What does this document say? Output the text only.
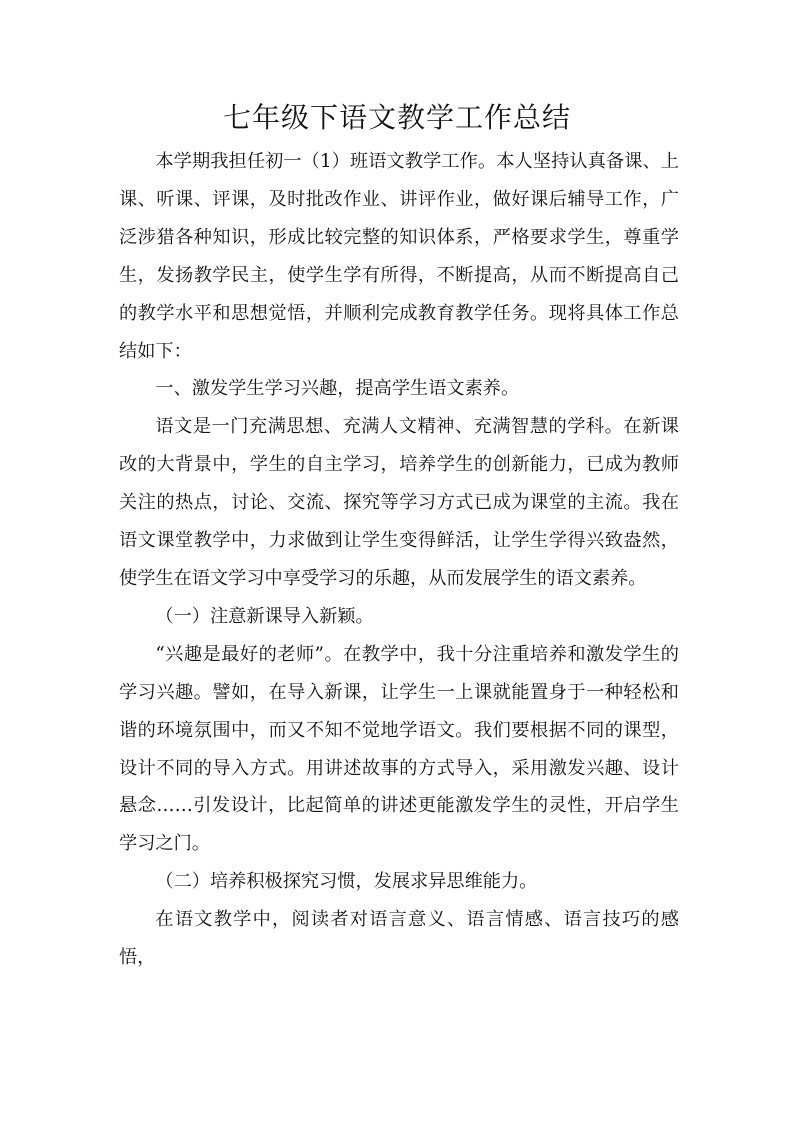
七年级下语文教学工作总结

本学期我担任初一（1）班语文教学工作。本人坚持认真备课、上课、听课、评课，及时批改作业、讲评作业，做好课后辅导工作，广泛涉猎各种知识，形成比较完整的知识体系，严格要求学生，尊重学生，发扬教学民主，使学生学有所得，不断提高，从而不断提高自己的教学水平和思想觉悟，并顺利完成教育教学任务。现将具体工作总结如下：

一、激发学生学习兴趣，提高学生语文素养。

语文是一门充满思想、充满人文精神、充满智慧的学科。在新课改的大背景中，学生的自主学习，培养学生的创新能力，已成为教师关注的热点，讨论、交流、探究等学习方式已成为课堂的主流。我在语文课堂教学中，力求做到让学生变得鲜活，让学生学得兴致盎然，使学生在语文学习中享受学习的乐趣，从而发展学生的语文素养。

（一）注意新课导入新颖。

“兴趣是最好的老师”。在教学中，我十分注重培养和激发学生的学习兴趣。譬如，在导入新课，让学生一上课就能置身于一种轻松和谐的环境氛围中，而又不知不觉地学语文。我们要根据不同的课型，设计不同的导入方式。用讲述故事的方式导入，采用激发兴趣、设计悬念……引发设计，比起简单的讲述更能激发学生的灵性，开启学生学习之门。

（二）培养积极探究习惯，发展求异思维能力。

在语文教学中，阅读者对语言意义、语言情感、语言技巧的感悟，
